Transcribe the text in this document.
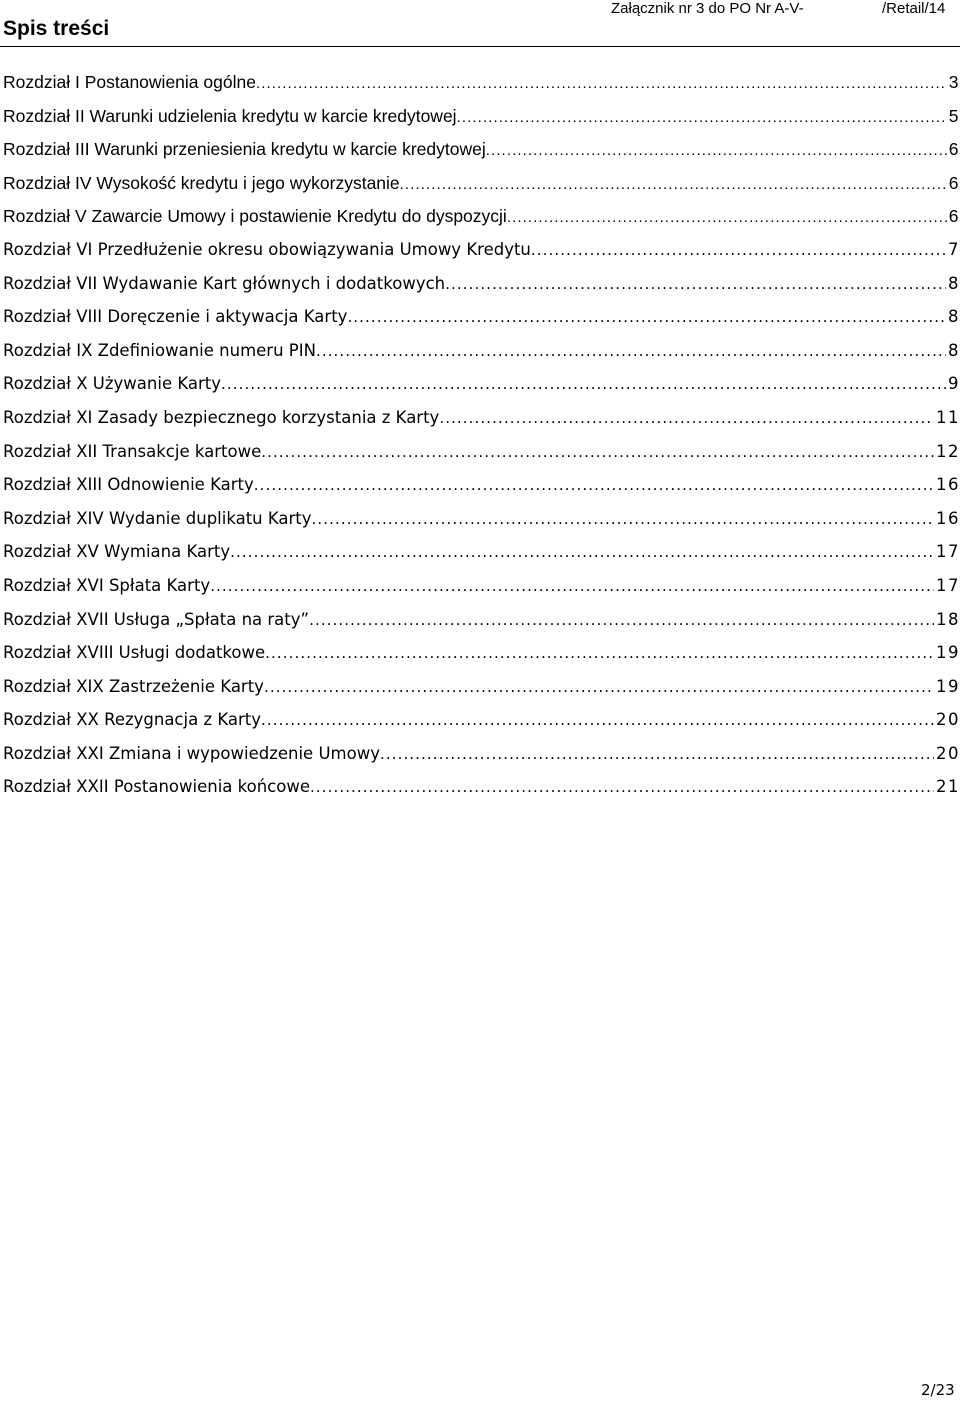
Spis treści
Załącznik nr 3 do PO Nr A-V-	/Retail/14
Rozdział I Postanowienia ogólne .....	3
Rozdział II Warunki udzielenia kredytu w karcie kredytowej .....	5
Rozdział III Warunki przeniesienia kredytu w karcie kredytowej .....	6
Rozdział IV Wysokość kredytu i jego wykorzystanie .....	6
Rozdział V Zawarcie Umowy i postawienie Kredytu do dyspozycji .....	6
Rozdział VI Przedłużenie okresu obowiązywania Umowy Kredytu .....	7
Rozdział VII Wydawanie Kart głównych i dodatkowych .....	8
Rozdział VIII Doręczenie i aktywacja Karty .....	8
Rozdział IX Zdefiniowanie numeru PIN .....	8
Rozdział X Używanie Karty .....	9
Rozdział XI Zasady bezpiecznego korzystania z Karty .....	11
Rozdział XII Transakcje kartowe .....	12
Rozdział XIII Odnowienie Karty .....	16
Rozdział XIV Wydanie duplikatu Karty .....	16
Rozdział XV Wymiana Karty .....	17
Rozdział XVI Spłata Karty .....	17
Rozdział XVII Usługa „Spłata na raty” .....	18
Rozdział XVIII Usługi dodatkowe .....	19
Rozdział XIX Zastrzeżenie Karty .....	19
Rozdział XX Rezygnacja z Karty .....	20
Rozdział XXI Zmiana i wypowiedzenie Umowy .....	20
Rozdział XXII Postanowienia końcowe .....	21
2/23
